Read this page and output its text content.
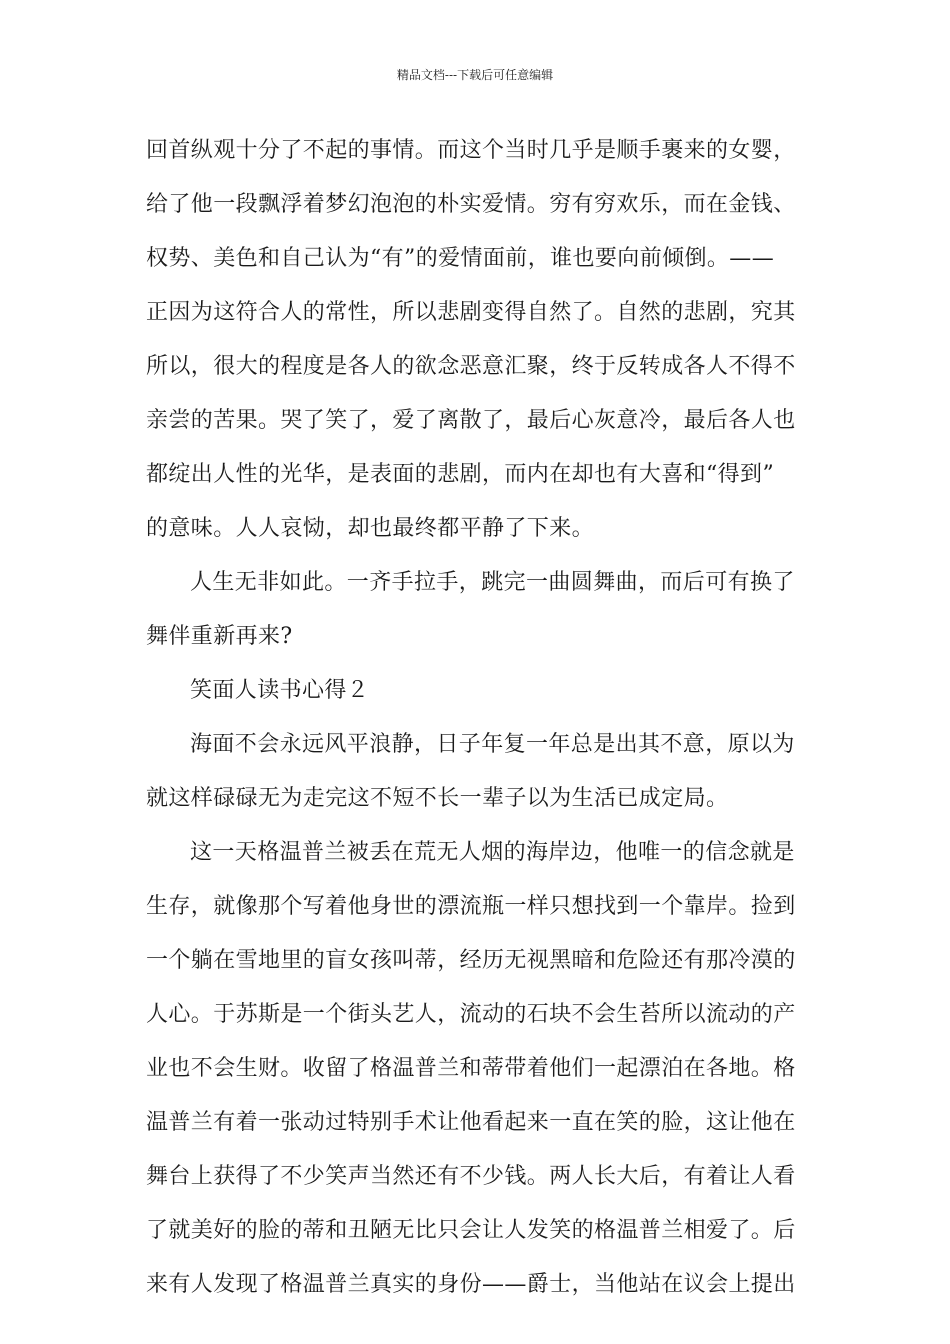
精品文档---下载后可任意编辑
回首纵观十分了不起的事情。而这个当时几乎是顺手裹来的女婴，
给了他一段飘浮着梦幻泡泡的朴实爱情。穷有穷欢乐，而在金钱、
权势、美色和自己认为“有”的爱情面前，谁也要向前倾倒。——
正因为这符合人的常性，所以悲剧变得自然了。自然的悲剧，究其
所以，很大的程度是各人的欲念恶意汇聚，终于反转成各人不得不
亲尝的苦果。哭了笑了，爱了离散了，最后心灰意冷，最后各人也
都绽出人性的光华，是表面的悲剧，而内在却也有大喜和“得到”
的意味。人人哀恸，却也最终都平静了下来。
人生无非如此。一齐手拉手，跳完一曲圆舞曲，而后可有换了
舞伴重新再来?
笑面人读书心得２
海面不会永远风平浪静，日子年复一年总是出其不意，原以为
就这样碌碌无为走完这不短不长一辈子以为生活已成定局。
这一天格温普兰被丢在荒无人烟的海岸边，他唯一的信念就是
生存，就像那个写着他身世的漂流瓶一样只想找到一个靠岸。捡到
一个躺在雪地里的盲女孩叫蒂，经历无视黑暗和危险还有那冷漠的
人心。于苏斯是一个街头艺人，流动的石块不会生苔所以流动的产
业也不会生财。收留了格温普兰和蒂带着他们一起漂泊在各地。格
温普兰有着一张动过特别手术让他看起来一直在笑的脸，这让他在
舞台上获得了不少笑声当然还有不少钱。两人长大后，有着让人看
了就美好的脸的蒂和丑陋无比只会让人发笑的格温普兰相爱了。后
来有人发现了格温普兰真实的身份——爵士，当他站在议会上提出
